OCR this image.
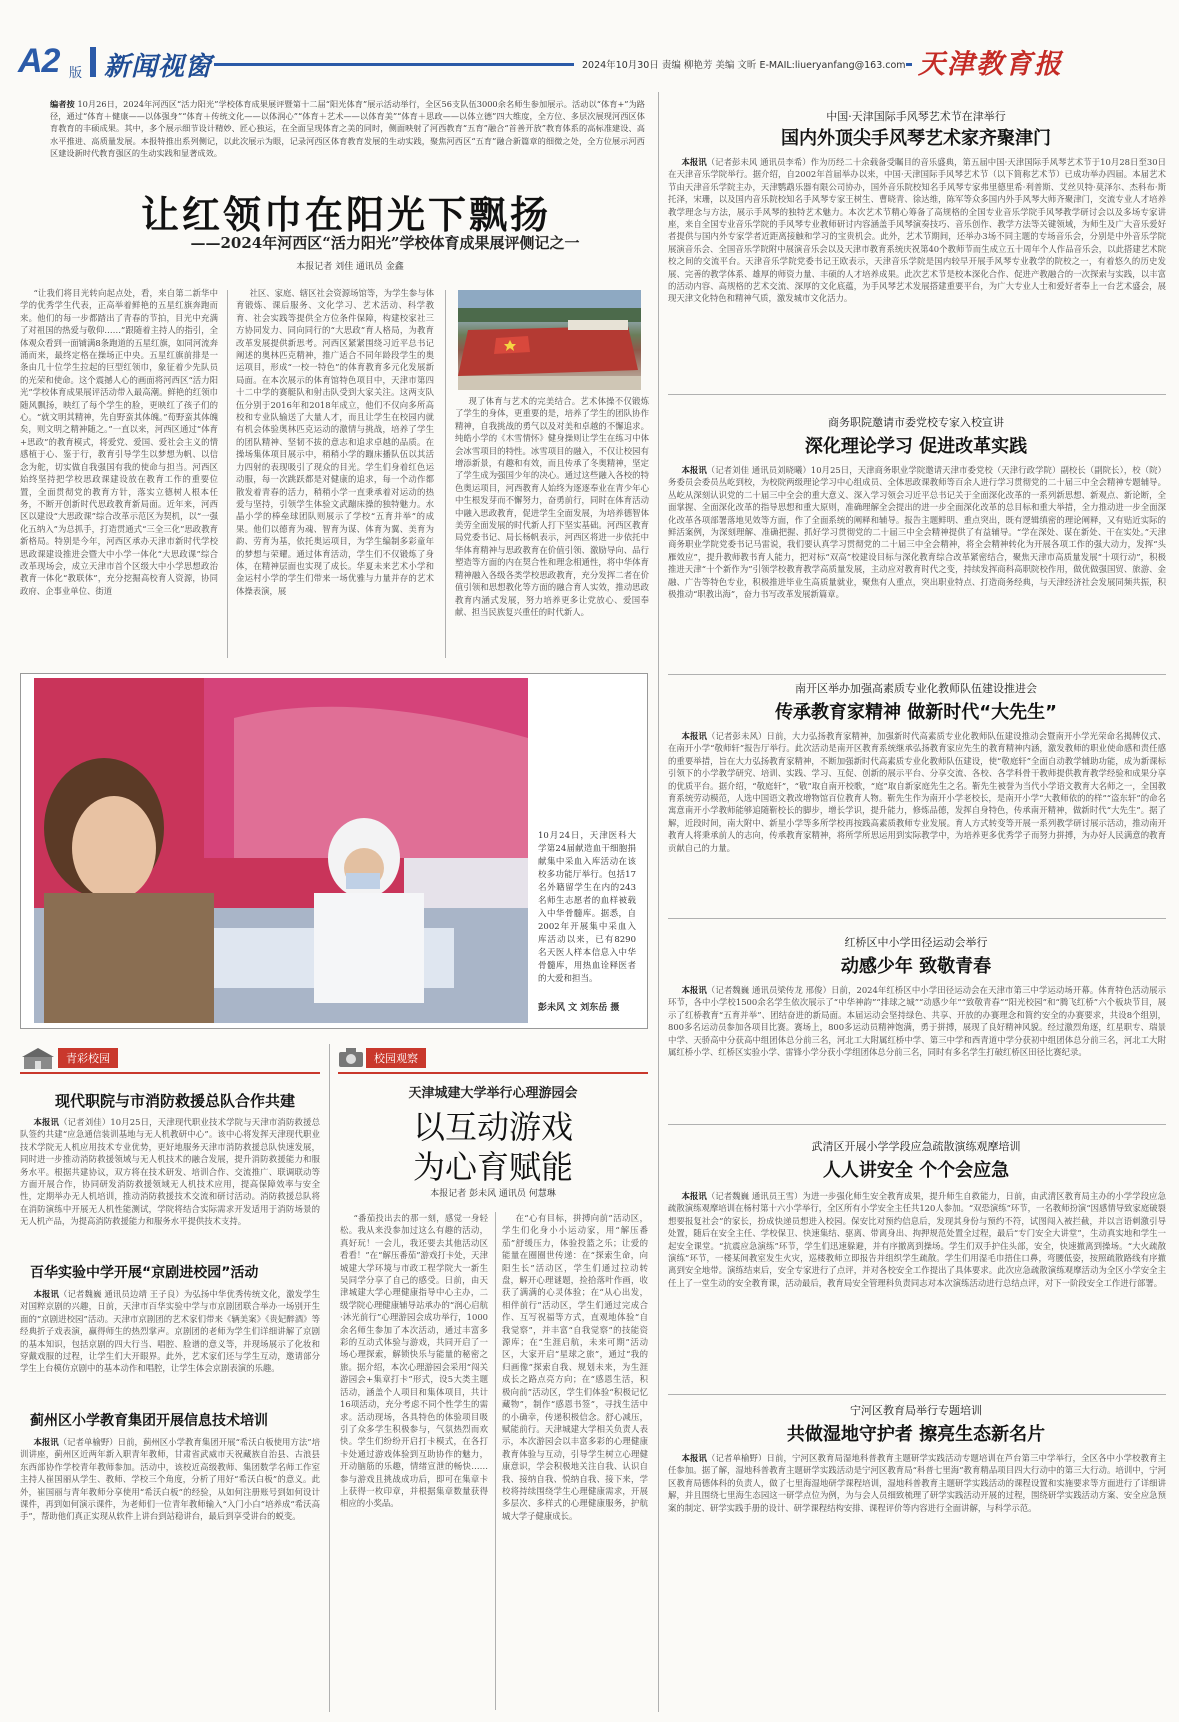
A2 版 新闻视窗	2024年10月30日 责编 柳艳芳 美编 文昕 E-MAIL:liueryanfang@163.com 天津教育报
编者按 10月26日，2024年河西区“活力阳光”学校体育成果展评暨第十二届“阳光体育”展示活动举行，全区56支队伍3000余名师生参加展示。活动以“体育+”为路径，通过“体育＋健康——以体强身”“体育＋传统文化——以体润心”“体育＋艺术——以体育美”“体育＋思政——以体立德”四大维度，全方位、多层次展现河西区体育教育的丰硕成果。其中，多个展示细节设计精妙、匠心独运，在全面呈现体育之美的同时，侧面映射了河西教育“五育”融合“首善开放”教育体系的高标准建设、高水平推进、高质量发展。本报特推出系列侧记，以此次展示为眼，记录河西区体育教育发展的生动实践，聚焦河西区“五育”融合新篇章的细微之处，全方位展示河西区建设新时代教育强区的生动实践和显著成效。
让红领巾在阳光下飘扬
——2024年河西区“活力阳光”学校体育成果展评侧记之一
本报记者 刘佳 通讯员 金鑫

“让我们将目光转向起点处，看，来自第二新华中学的优秀学生代表，正高举着鲜艳的五星红旗奔跑而来。他们的每一步都踏出了青春的节拍，目光中充满了对祖国的热爱与敬仰……”跟随着主持人的指引，全体观众看到一面铺满8条跑道的五星红旗，如同河流奔涌而来，最终定格在操场正中央。五星红旗前排是一条由几十位学生拉起的巨型红领巾，象征着少先队员的光荣和使命。这个震撼人心的画面将河西区“活力阳光”学校体育成果展评活动带入最高潮。鲜艳的红领巾随风飘扬，映红了每个学生的脸，更映红了孩子们的心。“就文明其精神，先自野蛮其体魄。”荀野蛮其体魄矣，则文明之精神随之。”一直以来，河西区通过“体育+思政”的教育模式，将爱党、爱国、爱社会主义的情感植于心、鉴于行，教育引导学生以梦想为帆、以信念为舵，切实做自我强国有我的使命与担当。河西区始终坚持把学校思政课建设放在教育工作的重要位置，全面贯彻党的教育方针，落实立德树人根本任务，不断开创新时代思政教育新局面。近年来，河西区以建设“大思政课”综合改革示范区为契机，以“一强化五纳入”为总抓手，打造贯通式“三全三化”思政教育新格局。特别是今年，河西区承办天津市新时代学校思政课建设推进会暨大中小学一体化“大思政课”综合改革现场会，成立天津市首个区级大中小学思想政治教育一体化“教联体”，充分挖掘高校育人资源，协同政府、企事业单位、街道

社区、家庭、辖区社会资源场馆等，为学生参与体育锻炼、课后服务、文化学习、艺术活动、科学教育、社会实践等提供全方位条件保障，构建校家社三方协同发力、同向同行的“大思政”育人格局，为教育改革发展提供新思考。河西区紧紧围绕习近平总书记阐述的奥林匹克精神，推广适合不同年龄段学生的奥运项目，形成“一校一特色”的体育教育多元化发展新局面。在本次展示的体育馆特色项目中，天津市第四十二中学的赛艇队和射击队受到大家关注。这两支队伍分别于2016年和2018年成立，他们不仅向多所高校和专业队输送了大量人才，而且让学生在校园内就有机会体验奥林匹克运动的激情与挑战，培养了学生的团队精神、坚韧不拔的意志和追求卓越的品质。在操场集体项目展示中，稍稍小学的蹦床播队伍以其活力四射的表现吸引了现众的目光。学生们身着红色运动服，每一次跳跃都是对健康的追求，每一个动作都散发着青春的活力，稍稍小学一直秉承着对运动的热爱与坚持，引领学生体验文武蹦床操的独特魅力。水晶小学的棒垒球团队则展示了学校“五育并举”的成果。他们以德育为魂、智育为谋、体育为翼、美育为韵、劳育为基，依托奥运项目，为学生编制多彩童年的梦想与荣耀。通过体育活动，学生们不仅锻炼了身体，在精神层面也实现了成长。华夏未来艺术小学和金运村小学的学生们带来一场优雅与力量并存的艺术体操表演，展

现了体育与艺术的完美结合。艺术体操不仅锻炼了学生的身体，更重要的是，培养了学生的团队协作精神，自我挑战的勇气以及对美和卓越的不懈追求。纯皓小学的《木雪情怀》健身操则让学生在练习中体会冰雪项目的特性。冰雪项目的融入，不仅让校园有增添新景，有趣和有效，而且传承了冬奥精神，坚定了学生成为强国少年的决心。通过这些融入各校的特色奥运项目，河西教育人始终为逐逐奉业在青少年心中生根发芽而不懈努力，奋勇前行，同时在体育活动中融入思政教育，促进学生全面发展，为培养德智体美劳全面发展的时代新人打下坚实基础。河西区教育局党委书记、局长杨帆表示，河西区将进一步依托中华体育精神与思政教育在价值引领、激励导向、品行塑造等方面的内在契合性和理念相通性，将中华体育精神融入各级各类学校思政教育，充分发挥二者在价值引领和思想教化等方面的融合育人实效，推动思政教育内涵式发展，努力培养更多让党放心、爱国奉献、担当民族复兴重任的时代新人。

10月24日，天津医科大学第24届献造血干细胞捐献集中采血入库活动在该校多功能厅举行。包括17名外籍留学生在内的243名师生志愿者的血样被载入中华骨髓库。据悉，自2002年开展集中采血入库活动以来，已有8290名天医人样本信息入中华骨髓库，用热血诠释医者的大爱和担当。
彭未风 文 刘东岳 摄
青彩校园
现代职院与市消防救援总队合作共建

本报讯（记者刘佳）10月25日，天津现代职业技术学院与天津市消防救援总队签约共建“应急通信装训基地与无人机教研中心”。该中心将发挥天津现代职业技术学院无人机应用技术专业优势，更好地服务天津市消防救援总队快速发展，同时进一步推动消防救援领域与无人机技术的融合发展，提升消防救援能力和服务水平。根据共建协议，双方将在技术研发、培训合作、交流推广、联调联动等方面开展合作，协同研发消防救援领域无人机技术应用，提高保障效率与安全性，定期举办无人机培训，推动消防救援技术交流和研讨活动。消防救援总队将在消防演练中开展无人机性能测试，学院将结合实际需求开发适用于消防场景的无人机产品，为提高消防救援能力和服务水平提供技术支持。

百华实验中学开展“京剧进校园”活动

本报讯（记者魏巍 通讯员边靖 王子良）为弘扬中华优秀传统文化，激发学生对国粹京剧的兴趣，日前，天津市百华实验中学与市京剧团联合举办一场别开生面的“京剧进校园”活动。天津市京剧团的艺术家们带来《辆美案》《贵妃醉酒》等经典折子戏表演，赢得师生的热烈掌声。京剧团的老师为学生们详细讲解了京剧的基本知识，包括京剧的四大行当、唱腔、脸谱的意义等，并现场展示了化妆和穿戴戏服的过程，让学生们大开眼界。此外，艺术家们还与学生互动，邀请部分学生上台模仿京剧中的基本动作和唱腔，让学生体会京剧表演的乐趣。

蓟州区小学教育集团开展信息技术培训

本报讯（记者单榆野）日前，蓟州区小学教育集团开展“希沃白板使用方法”培训讲座，蓟州区近两年新入职青年教师，甘肃省武威市天祝藏族自治县、古浪县东西部协作学校青年教师参加。活动中，该校近高级教师、集团数学名师工作室主持人崔国丽从学生、教师、学校三个角度，分析了用好“希沃白板”的意义。此外，崔国丽与青年教师分享使用“希沃白板”的经验，从如何注册账号到如何设计课件，再到如何演示课件，为老师们一位青年教师输入“入门小白”培养成“希沃高手”，帮助他们真正实现从软件上讲台到站稳讲台，最后到享受讲台的蜕变。

校园观察
天津城建大学举行心理游园会
以互动游戏
为心育赋能
本报记者 彭未风 通讯员 何慧琳

“番茄投出去的那一刻，感觉一身轻松。我从来没参加过这么有趣的活动，真好玩！一会儿，我还要去其他活动区看看！”在“解压番茄”游戏打卡处，天津城建大学环境与市政工程学院大一新生吴同学分享了自己的感受。日前，由天津城建大学心理健康指导中心主办，二级学院心理健康辅导站承办的“润心启航·沐光前行”心理游园会成功举行，1000余名师生参加了本次活动，通过丰富多彩的互动式体验与游戏，共同开启了一场心理探索，解锁快乐与能量的秘密之旅。据介绍，本次心理游园会采用“闯关游园会+集章打卡”形式，设5大类主题活动，涵盖个人项目和集体项目，共计16项活动，充分考虑不同个性学生的需求。活动现场，各具特色的体验项目吸引了众多学生积极参与，气氛热烈而欢快。学生们纷纷开启打卡模式，在各打卡处通过游戏体验到互助协作的魅力，开动脑筋的乐趣，情绪宣泄的畅快……参与游戏且挑战成功后，即可在集章卡上获得一枚印章，并根据集章数量获得相应的小奖品。

在“心有目标，拼搏向前”活动区，学生们化身小小运动家，用“解压番茄”舒缓压力，体验投篮之乐；让爱的能量在圈圈世传递：在“探索生命，向阳生长”活动区，学生们通过拉动转盘，解开心理谜题，捡拾落叶作画，收获了满满的心灵体验；在“从心出发，相伴前行”活动区，学生们通过完成合作、互写祝福等方式，直观地体验“自我觉察”，并丰富“自我觉察”的技能资源库；在“生涯启航，未来可期”活动区，大家开启“星球之旅”，通过“我的归画像”探索自我、规划未来，为生涯成长之路点亮方向；在“感恩生活，积极向前”活动区，学生们体验“积极记忆藏物”，制作“感恩书签”，寻找生活中的小确幸，传递积极信念。舒心减压，赋能前行。天津城建大学相关负责人表示，本次游园会以丰富多彩的心理健康教育体验与互动，引导学生树立心理健康意识，学会积极地关注自我、认识自我、接纳自我、悦纳自我、接下来，学校将持续围绕学生心理健康需求，开展多层次、多样式的心理健康服务，护航城大学子健康成长。

中国·天津国际手风琴艺术节在津举行
国内外顶尖手风琴艺术家齐聚津门

本报讯（记者彭未风 通讯员李希）作为历经二十余载备受瞩目的音乐盛典，第五届中国·天津国际手风琴艺术节于10月28日至30日在天津音乐学院举行。据介绍，自2002年首届举办以来，中国·天津国际手风琴艺术节（以下简称艺术节）已成功举办四届。本届艺术节由天津音乐学院主办，天津鹦鹉乐器有限公司协办，国外音乐院校知名手风琴专家弗里德里希·利普斯、艾丝贝特·莫泽尔、杰科布·斯托泽，宋珊，以及国内音乐院校知名手风琴专家王树生、曹晓青、徐达维，陈军等众多国内外手风琴大师齐聚津门，交流专业人才培养教学理念与方法，展示手风琴的独特艺术魅力。本次艺术节精心筹备了高规格的全国专业音乐学院手风琴教学研讨会以及多场专家讲座，来自全国专业音乐学院的手风琴专业教师研讨内容涵盖手风琴演奏技巧、音乐创作、教学方法等关键领域，为师生及广大音乐爱好者提供与国内外专家学者近距离接触和学习的宝贵机会。此外，艺术节期间，还举办3场不同主题的专场音乐会，分别是中外音乐学院展演音乐会、全国音乐学院附中展演音乐会以及天津市教育系统庆祝第40个教师节而生成立五十周年个人作品音乐会，以此搭建艺术院校之间的交流平台。天津音乐学院党委书记王欧表示，天津音乐学院是国内较早开展手风琴专业教学的院校之一，有着悠久的历史发展、完善的教学体系、雄厚的师资力量、丰硕的人才培养成果。此次艺术节是校本深化合作、促进产教融合的一次探索与实践，以丰富的活动内容、高规格的艺术交流、深厚的文化底蕴，为手风琴艺术发展搭建重要平台，为广大专业人士和爱好者奉上一台艺术盛会，展现天津文化特色和精神气质，激发城市文化活力。

商务职院邀请市委党校专家入校宣讲
深化理论学习 促进改革实践

本报讯（记者刘佳 通讯员刘晓曦）10月25日，天津商务职业学院邀请天津市委党校（天津行政学院）副校长（副院长），校（院）务委员会委员丛屹到校，为校院两级理论学习中心组成员、全体思政课教师等百余人进行学习贯彻党的二十届三中全会精神专题辅导。丛屹从深刻认识党的二十届三中全会的重大意义、深入学习领会习近平总书记关于全面深化改革的一系列新思想、新观点、新论断，全面掌握、全面深化改革的指导思想和重大原则，准确理解全会提出的进一步全面深化改革的总目标和重大举措，全力推动进一步全面深化改革各项部署落地见效等方面，作了全面系统的阐释和辅导。报告主题鲜明、重点突出，既有逻辑缜密的理论阐释，又有贴近实际的鲜活案例，为深刻理解、准确把握、抓好学习贯彻党的二十届三中全会精神提供了有益辅导。“学在深处、谋在新处、干在实处。”天津商务职业学院党委书记马雷说，我们要认真学习贯彻党的二十届三中全会精神，将全会精神转化为开展各项工作的强大动力，发挥“头雁效应”，提升教师教书育人能力，把对标“双高”校建设目标与深化教育综合改革紧密结合，聚焦天津市高质量发展“十项行动”，积极推进天津“十个新作为”引领学校教育教学高质量发展，主动应对教育时代之变，持续发挥商科高职院校作用，做优做强国贸、旅游、金融、广告等特色专业，积极推进毕业生高质量就业，聚焦有人重点，突出职业特点、打造商务经典，与天津经济社会发展同频共振，积极推动“职教出海”，奋力书写改革发展新篇章。

南开区举办加强高素质专业化教师队伍建设推进会
传承教育家精神 做新时代“大先生”

本报讯（记者彭未风）日前，大力弘扬教育家精神，加强新时代高素质专业化教师队伍建设推动会暨南开小学光荣命名揭牌仪式、在南开小学“敬师轩”报告厅举行。此次活动是南开区教育系统继承弘扬教育家应先生的教育精神内涵，激发教师的职业使命感和责任感的重要举措，旨在大力弘扬教育家精神，不断加强新时代高素质专业化教师队伍建设，使“敬庭轩”全面自动教学辅助功能，成为新课标引领下的小学教学研究、培训、实践、学习、互促、创新的展示平台、分享交流、各校、各学科骨干教师提供教育教学经验和成果分享的优质平台。据介绍，“敬庭轩”，“敬”取自南开校歌，“庭”取自新家庭先生之名。靳先生被誉为当代小学语文教育大名师之一，全国教育系统劳动模范，人选中国语文教改增物馆百位教育人物。靳先生作为南开小学老校长，是南开小学“大教师依的的样”“盗东轩”的命名寓意南开小学教师能够追随靳校长的脚步，增长学识，提升能力，修炼品德，发挥自身特色，传承南开精神，做新时代“大先生”。据了解，近段时间，南大附中、新星小学等多所学校再按践高素质教师专业发展。育人方式转变等开展一系列教学研讨展示活动，推动南开教育人将秉承前人的志向，传承教育家精神，将所学所思运用到实际教学中，为培养更多优秀学子而努力拼搏，为办好人民满意的教育贡献自己的力量。

红桥区中小学田径运动会举行
动感少年 致敬青春

本报讯（记者魏巍 通讯员梁传龙 邢俊）日前，2024年红桥区中小学田径运动会在天津市第三中学运动场开幕。体育特色活动展示环节，各中小学校1500余名学生依次展示了“中华神韵”“排球之城”“动感少年”“致敬青春”“阳光校园”和“腾飞红桥”六个板块节目，展示了红桥教育“五育并举”、团结奋进的新局面。本届运动会坚持绿色、共享、开放的办赛理念和简约安全的办赛要求，共设8个组别，800多名运动员参加各项目比赛。赛场上，800多运动员精神饱满，勇于拼搏，展现了良好精神风貌。经过激烈角逐，红星职专、瑞景中学、天骄高中分获高中组团体总分前三名，河北工大附属红桥中学、第三中学和西青道中学分获初中组团体总分前三名，河北工大附属红桥小学、红桥区实验小学、雷锋小学分获小学组团体总分前三名，同时有多名学生打破红桥区田径比赛纪录。

武清区开展小学学段应急疏散演练观摩培训
人人讲安全 个个会应急

本报讯（记者魏巍 通讯员王雪）为进一步强化师生安全教育成果，提升师生自救能力，日前，由武清区教育局主办的小学学段应急疏散演练观摩培训在杨村第十六小学举行，全区所有小学安全主任共120人参加。“双恐演练”环节，一名教师扮演“因感情导致家庭破裂想要报复社会”的家长，扮成快递员想进入校园。保安比对预约信息后，发现其身份与预约不符，试图闯入被拦截，并以言语刺激引导处置，随后在安全主任、学校保卫、快速集结、驱离、带离身出、拘押规范处置全过程，最后“专门安全大讲堂”，生动真实地和学生一起安全课堂。“抗震应急演练”环节，学生们迅速躲避，并有序撤离到操场。学生们双手护住头部，安全，快速撤离到操场。“大火疏散演练”环节，一楼某间教室发生火灾，巡楼教师立即报告并组织学生疏散。学生们用湿毛巾捂住口鼻，弯腰低姿，按照疏散路线有序撤离到安全地带。演练结束后，安全专家进行了点评，并对各校安全工作提出了具体要求。此次应急疏散演练观摩活动为全区小学安全主任上了一堂生动的安全教育课，活动最后，教育局安全管理科负责同志对本次演练活动进行总结点评，对下一阶段安全工作进行部署。

宁河区教育局举行专题培训
共做湿地守护者 擦亮生态新名片

本报讯（记者单榆野）日前，宁河区教育局湿地科普教育主题研学实践活动专题培训在芦台第三中学举行，全区各中小学校教育主任参加。据了解，湿地科普教育主题研学实践活动是宁河区教育局“科普七里海”教育精品项目四大行动中的第三大行动。培训中，宁河区教育局德体科的负责人，做了七里海湿地研学课程培训，湿地科普教育主题研学实践活动的课程设置和实施要求等方面进行了详细讲解，并且围绕七里海生态园这一研学点位为例，为与会人员细致梳理了研学实践活动开展的过程，围绕研学实践活动方案、安全应急预案的制定、研学实践手册的设计、研学课程结构安排、课程评价等内容进行全面讲解，与科学示范。
